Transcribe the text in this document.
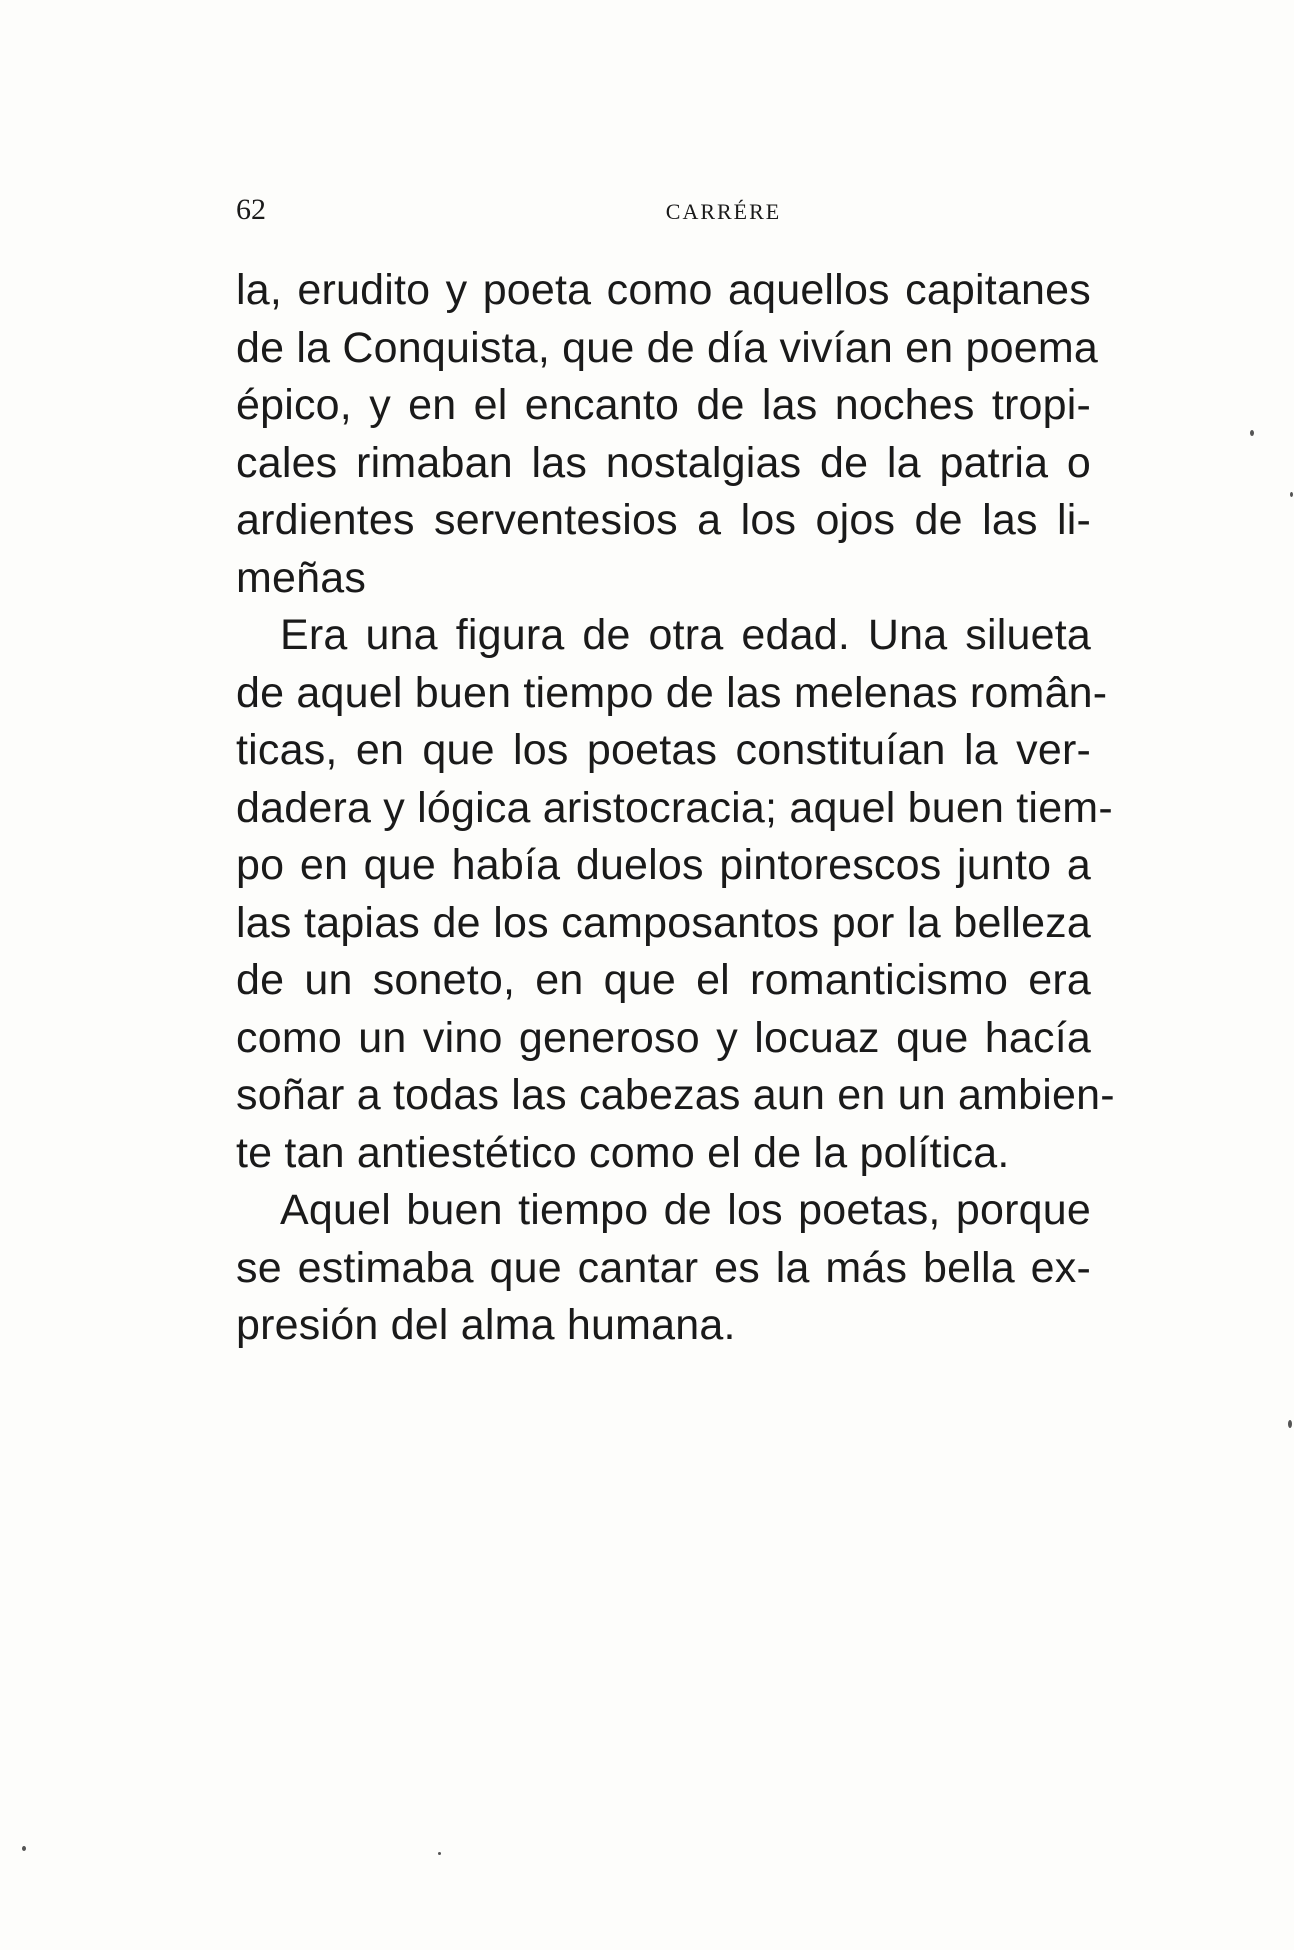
62	CARRÉRE
la, erudito y poeta como aquellos capitanes
de la Conquista, que de día vivían en poema
épico, y en el encanto de las noches tropi-
cales rimaban las nostalgias de la patria o
ardientes serventesios a los ojos de las li-
meñas
Era una figura de otra edad. Una silueta
de aquel buen tiempo de las melenas român-
ticas, en que los poetas constituían la ver-
dadera y lógica aristocracia; aquel buen tiem-
po en que había duelos pintorescos junto a
las tapias de los camposantos por la belleza
de un soneto, en que el romanticismo era
como un vino generoso y locuaz que hacía
soñar a todas las cabezas aun en un ambien-
te tan antiestético como el de la política.
Aquel buen tiempo de los poetas, porque
se estimaba que cantar es la más bella ex-
presión del alma humana.
